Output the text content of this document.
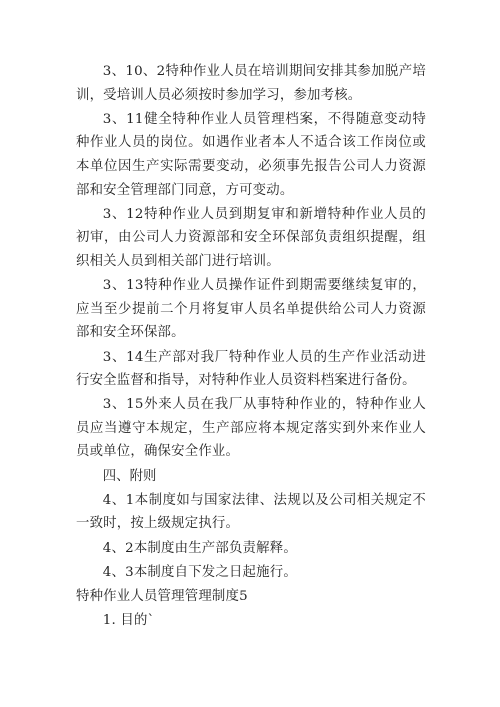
3、10、2特种作业人员在培训期间安排其参加脱产培训，受培训人员必须按时参加学习，参加考核。

3、11健全特种作业人员管理档案，不得随意变动特种作业人员的岗位。如遇作业者本人不适合该工作岗位或本单位因生产实际需要变动，必须事先报告公司人力资源部和安全管理部门同意，方可变动。

3、12特种作业人员到期复审和新增特种作业人员的初审，由公司人力资源部和安全环保部负责组织提醒，组织相关人员到相关部门进行培训。

3、13特种作业人员操作证件到期需要继续复审的，应当至少提前二个月将复审人员名单提供给公司人力资源部和安全环保部。

3、14生产部对我厂特种作业人员的生产作业活动进行安全监督和指导，对特种作业人员资料档案进行备份。

3、15外来人员在我厂从事特种作业的，特种作业人员应当遵守本规定，生产部应将本规定落实到外来作业人员或单位，确保安全作业。

四、附则

4、1本制度如与国家法律、法规以及公司相关规定不一致时，按上级规定执行。

4、2本制度由生产部负责解释。

4、3本制度自下发之日起施行。

特种作业人员管理管理制度5

1. 目的`
